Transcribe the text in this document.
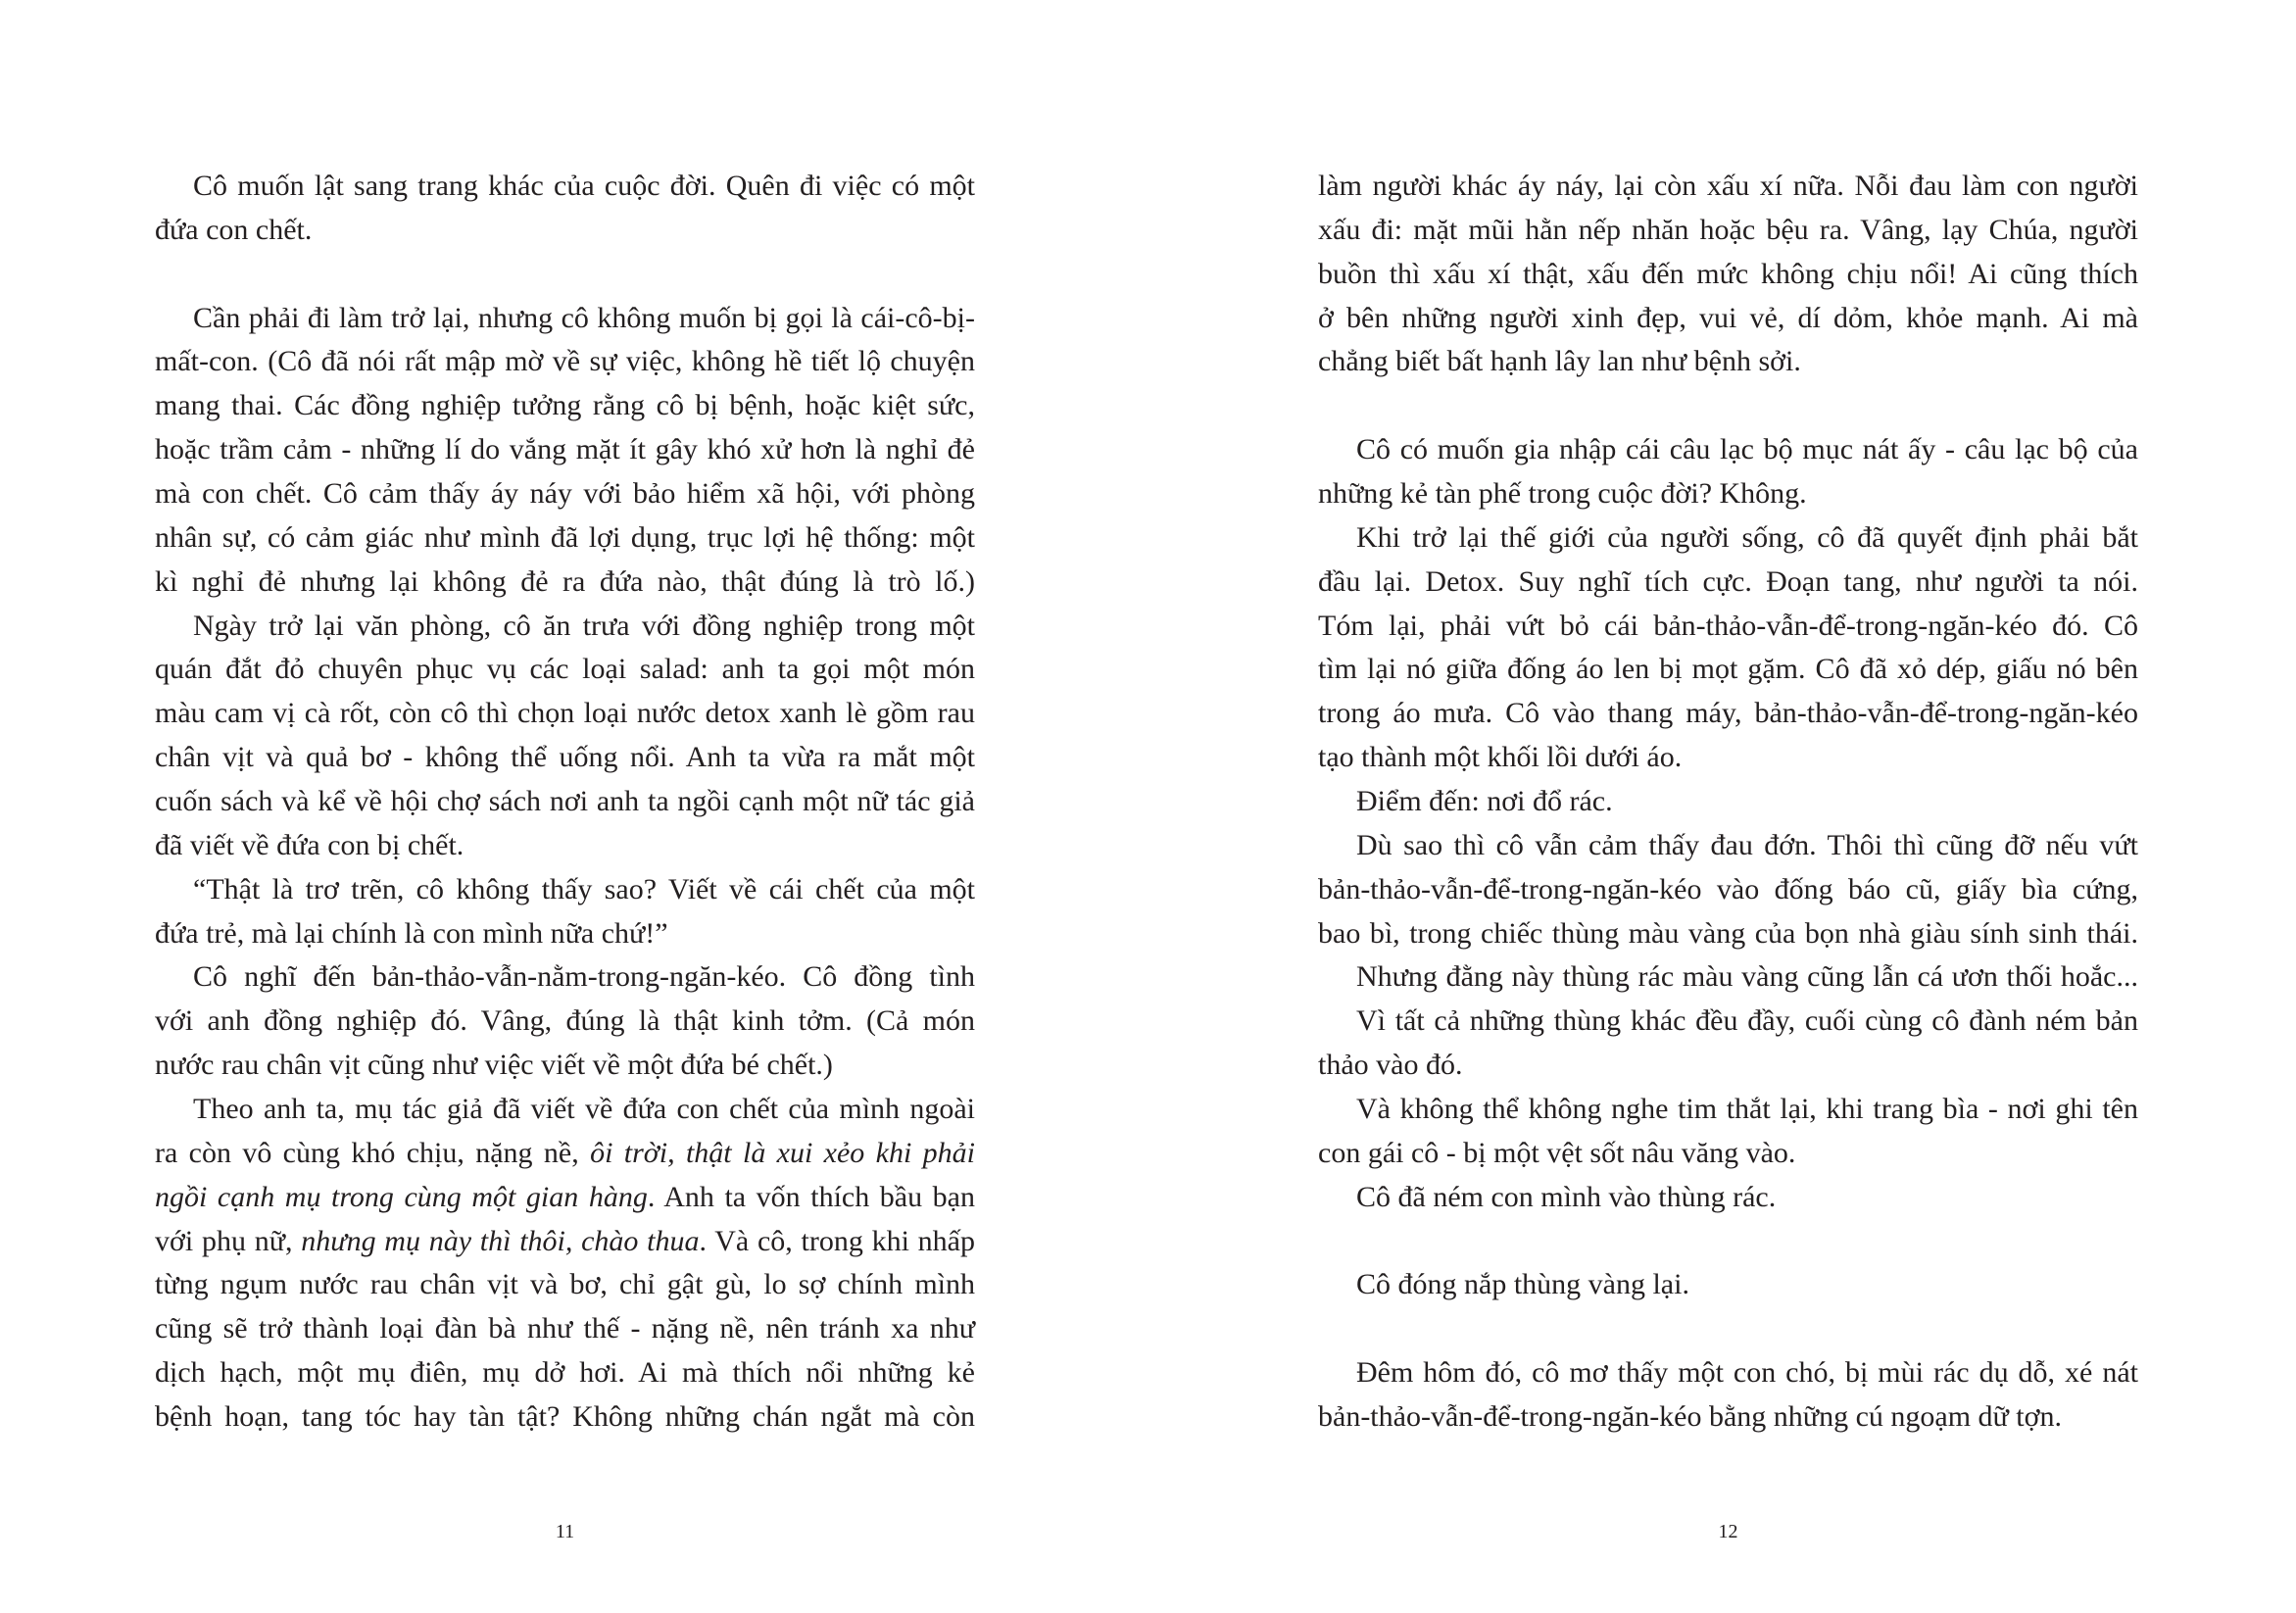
Cô muốn lật sang trang khác của cuộc đời. Quên đi việc có một
đứa con chết.
Cần phải đi làm trở lại, nhưng cô không muốn bị gọi là cái-cô-bị-
mất-con. (Cô đã nói rất mập mờ về sự việc, không hề tiết lộ chuyện
mang thai. Các đồng nghiệp tưởng rằng cô bị bệnh, hoặc kiệt sức,
hoặc trầm cảm - những lí do vắng mặt ít gây khó xử hơn là nghỉ đẻ
mà con chết. Cô cảm thấy áy náy với bảo hiểm xã hội, với phòng
nhân sự, có cảm giác như mình đã lợi dụng, trục lợi hệ thống: một
kì nghỉ đẻ nhưng lại không đẻ ra đứa nào, thật đúng là trò lố.)
Ngày trở lại văn phòng, cô ăn trưa với đồng nghiệp trong một
quán đắt đỏ chuyên phục vụ các loại salad: anh ta gọi một món
màu cam vị cà rốt, còn cô thì chọn loại nước detox xanh lè gồm rau
chân vịt và quả bơ - không thể uống nổi. Anh ta vừa ra mắt một
cuốn sách và kể về hội chợ sách nơi anh ta ngồi cạnh một nữ tác giả
đã viết về đứa con bị chết.
“Thật là trơ trẽn, cô không thấy sao? Viết về cái chết của một
đứa trẻ, mà lại chính là con mình nữa chứ!”
Cô nghĩ đến bản-thảo-vẫn-nằm-trong-ngăn-kéo. Cô đồng tình
với anh đồng nghiệp đó. Vâng, đúng là thật kinh tởm. (Cả món
nước rau chân vịt cũng như việc viết về một đứa bé chết.)
Theo anh ta, mụ tác giả đã viết về đứa con chết của mình ngoài
ra còn vô cùng khó chịu, nặng nề, ôi trời, thật là xui xẻo khi phải
ngồi cạnh mụ trong cùng một gian hàng. Anh ta vốn thích bầu bạn
với phụ nữ, nhưng mụ này thì thôi, chào thua. Và cô, trong khi nhấp
từng ngụm nước rau chân vịt và bơ, chỉ gật gù, lo sợ chính mình
cũng sẽ trở thành loại đàn bà như thế - nặng nề, nên tránh xa như
dịch hạch, một mụ điên, mụ dở hơi. Ai mà thích nổi những kẻ
bệnh hoạn, tang tóc hay tàn tật? Không những chán ngắt mà còn
11
làm người khác áy náy, lại còn xấu xí nữa. Nỗi đau làm con người
xấu đi: mặt mũi hằn nếp nhăn hoặc bệu ra. Vâng, lạy Chúa, người
buồn thì xấu xí thật, xấu đến mức không chịu nổi! Ai cũng thích
ở bên những người xinh đẹp, vui vẻ, dí dỏm, khỏe mạnh. Ai mà
chẳng biết bất hạnh lây lan như bệnh sởi.
Cô có muốn gia nhập cái câu lạc bộ mục nát ấy - câu lạc bộ của
những kẻ tàn phế trong cuộc đời? Không.
Khi trở lại thế giới của người sống, cô đã quyết định phải bắt
đầu lại. Detox. Suy nghĩ tích cực. Đoạn tang, như người ta nói.
Tóm lại, phải vứt bỏ cái bản-thảo-vẫn-để-trong-ngăn-kéo đó. Cô
tìm lại nó giữa đống áo len bị mọt gặm. Cô đã xỏ dép, giấu nó bên
trong áo mưa. Cô vào thang máy, bản-thảo-vẫn-để-trong-ngăn-kéo
tạo thành một khối lồi dưới áo.
Điểm đến: nơi đổ rác.
Dù sao thì cô vẫn cảm thấy đau đớn. Thôi thì cũng đỡ nếu vứt
bản-thảo-vẫn-để-trong-ngăn-kéo vào đống báo cũ, giấy bìa cứng,
bao bì, trong chiếc thùng màu vàng của bọn nhà giàu sính sinh thái.
Nhưng đằng này thùng rác màu vàng cũng lẫn cá ươn thối hoắc...
Vì tất cả những thùng khác đều đầy, cuối cùng cô đành ném bản
thảo vào đó.
Và không thể không nghe tim thắt lại, khi trang bìa - nơi ghi tên
con gái cô - bị một vệt sốt nâu văng vào.
Cô đã ném con mình vào thùng rác.
Cô đóng nắp thùng vàng lại.
Đêm hôm đó, cô mơ thấy một con chó, bị mùi rác dụ dỗ, xé nát
bản-thảo-vẫn-để-trong-ngăn-kéo bằng những cú ngoạm dữ tợn.
12
